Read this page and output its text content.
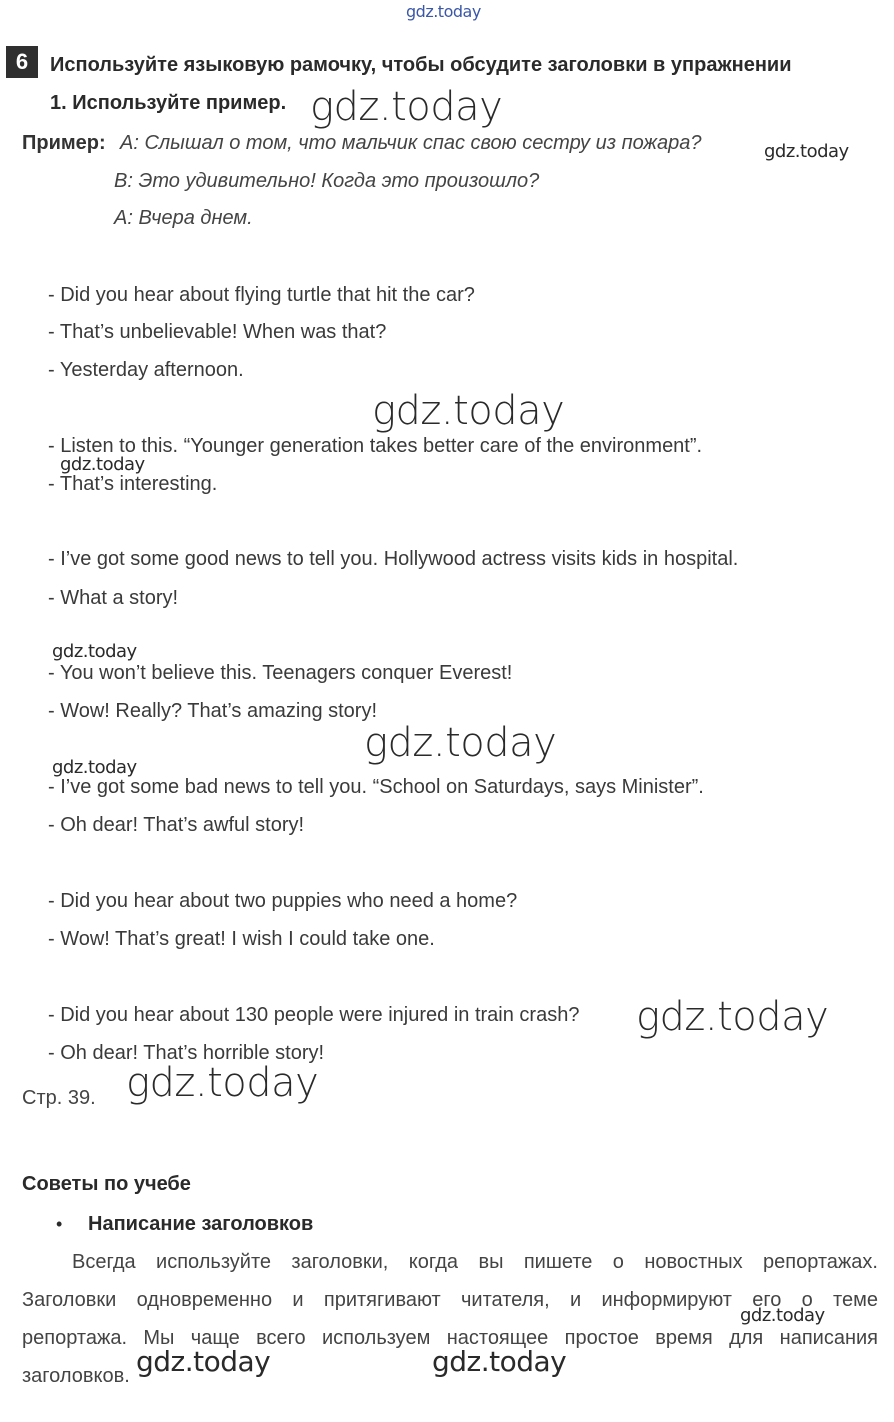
gdz.today
6	Используйте языковую рамочку, чтобы обсудите заголовки в упражнении
1. Используйте пример. gdz.today
Пример: А: Слышал о том, что мальчик спас свою сестру из пожара?	gdz.today
В: Это удивительно! Когда это произошло?
А: Вчера днем.
- Did you hear about flying turtle that hit the car?
- That’s unbelievable! When was that?
- Yesterday afternoon.
gdz.today
- Listen to this. “Younger generation takes better care of the environment”.
gdz.today
- That’s interesting.
- I’ve got some good news to tell you. Hollywood actress visits kids in hospital.
- What a story!
gdz.today
- You won’t believe this. Teenagers conquer Everest!
- Wow! Really? That’s amazing story!
gdz.today
gdz.today
- I’ve got some bad news to tell you. “School on Saturdays, says Minister”.
- Oh dear! That’s awful story!
- Did you hear about two puppies who need a home?
- Wow! That’s great! I wish I could take one.
- Did you hear about 130 people were injured in train crash? gdz.today
- Oh dear! That’s horrible story!
Стр. 39. gdz.today
Советы по учебе
• Написание заголовков
Всегда используйте заголовки, когда вы пишете о новостных репортажах.
Заголовки одновременно и притягивают читателя, и информируют его о теме
gdz.today
репортажа. Мы чаще всего используем настоящее простое время для написания
gdz.today	gdz.today
заголовков.
